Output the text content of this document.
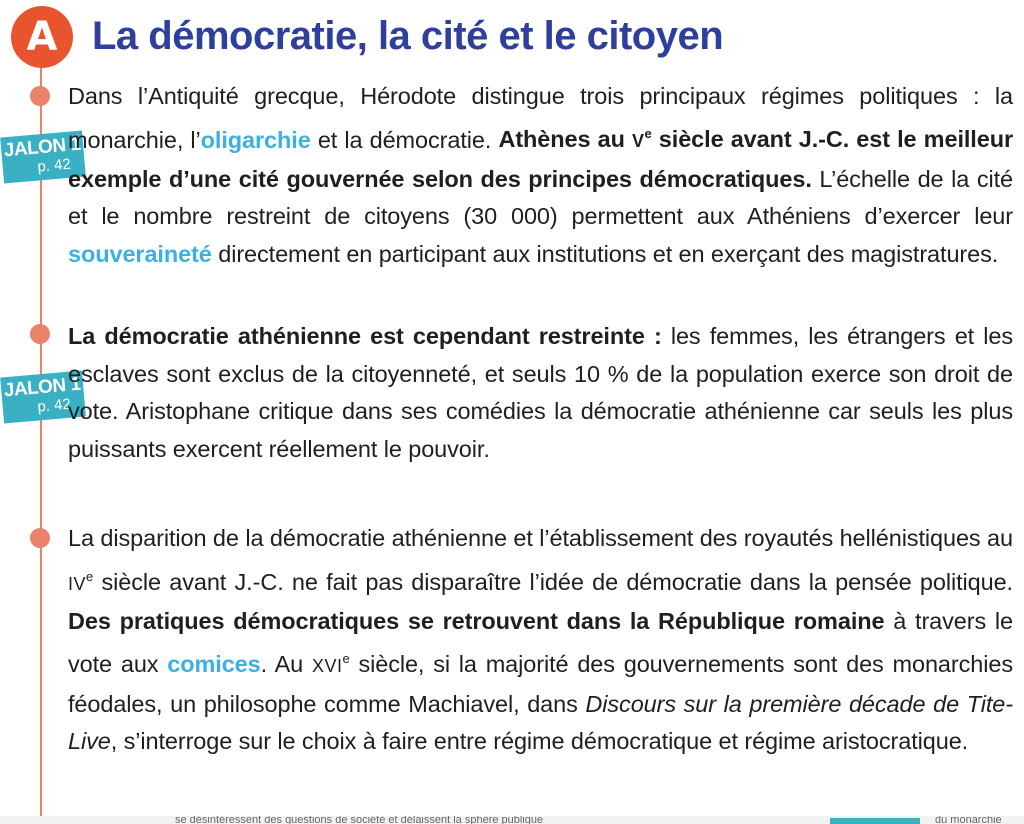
A La démocratie, la cité et le citoyen
JALON 1
p. 42

Dans l’Antiquité grecque, Hérodote distingue trois principaux régimes politiques : la monarchie, l’oligarchie et la démocratie. Athènes au Ve siècle avant J.-C. est le meilleur exemple d’une cité gouvernée selon des principes démocratiques. L’échelle de la cité et le nombre restreint de citoyens (30 000) permettent aux Athéniens d’exercer leur souveraineté directement en participant aux institutions et en exerçant des magistratures.

JALON 1
p. 42

La démocratie athénienne est cependant restreinte : les femmes, les étrangers et les esclaves sont exclus de la citoyenneté, et seuls 10 % de la population exerce son droit de vote. Aristophane critique dans ses comédies la démocratie athénienne car seuls les plus puissants exercent réellement le pouvoir.

La disparition de la démocratie athénienne et l’établissement des royautés hellénistiques au IVe siècle avant J.-C. ne fait pas disparaître l’idée de démocratie dans la pensée politique. Des pratiques démocratiques se retrouvent dans la République romaine à travers le vote aux comices. Au XVIe siècle, si la majorité des gouvernements sont des monarchies féodales, un philosophe comme Machiavel, dans Discours sur la première décade de Tite-Live, s’interroge sur le choix à faire entre régime démocratique et régime aristocratique.

se désintéressent des questions de société et délaissent la sphère publique	du monarchie
